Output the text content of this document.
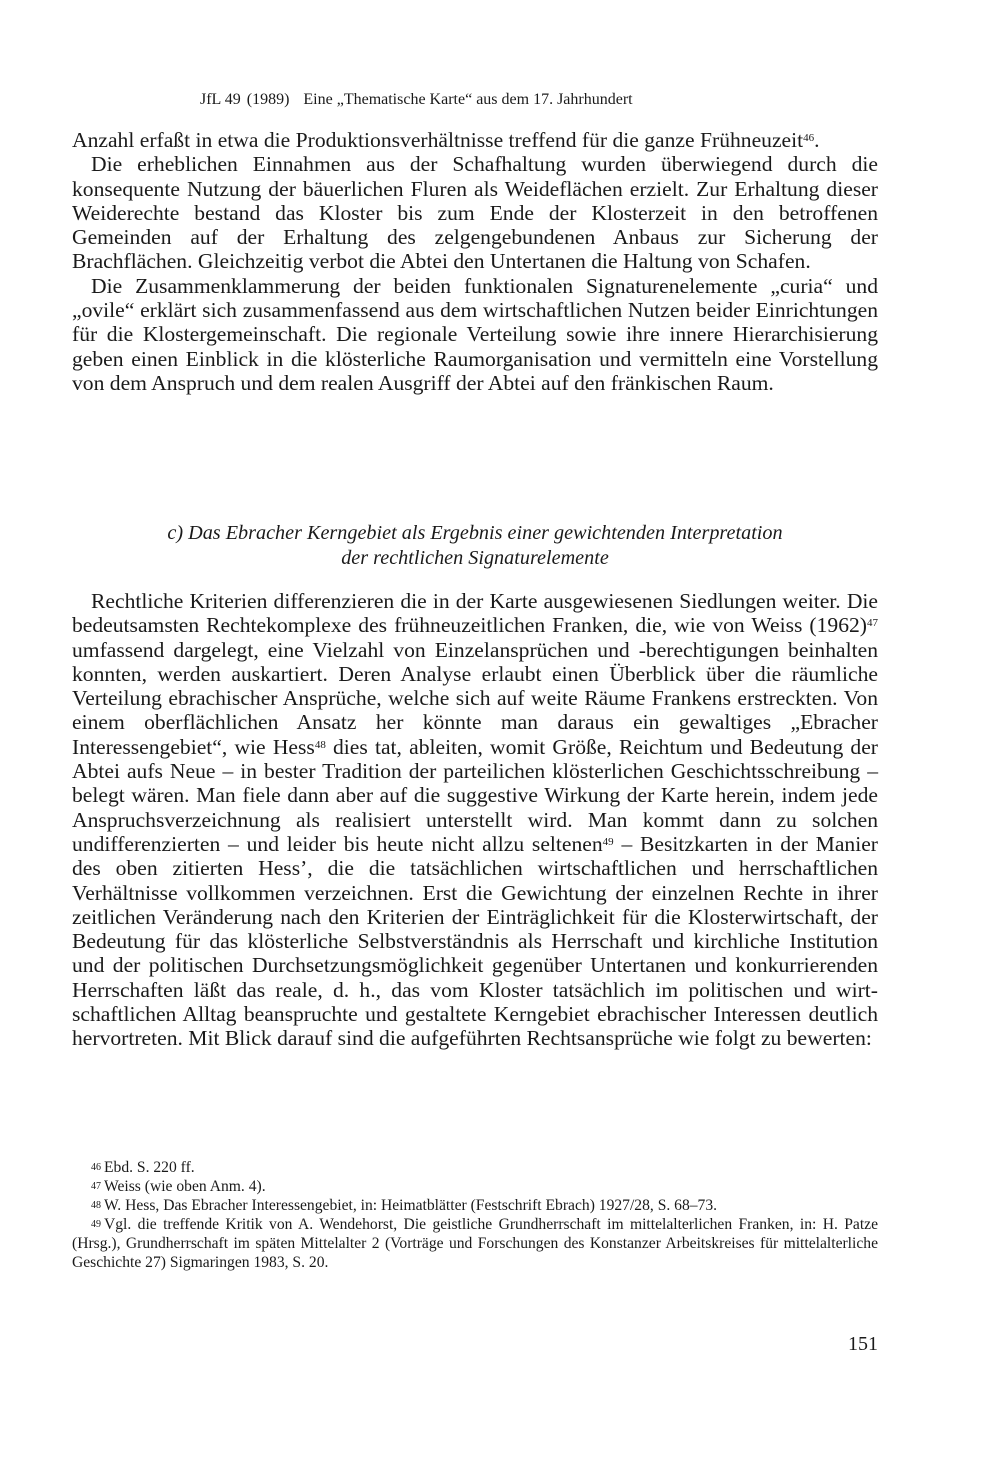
JfL 49 (1989) Eine „Thematische Karte“ aus dem 17. Jahrhundert

Anzahl erfaßt in etwa die Produktionsverhältnisse treffend für die ganze Frühneuzeit$^{46}$.

Die erheblichen Einnahmen aus der Schafhaltung wurden überwiegend durch die konsequente Nutzung der bäuerlichen Fluren als Weideflächen erzielt. Zur Erhaltung dieser Weiderechte bestand das Kloster bis zum Ende der Klosterzeit in den betroffenen Gemeinden auf der Erhaltung des zelgengebundenen Anbaus zur Sicherung der Brachflächen. Gleichzeitig verbot die Abtei den Untertanen die Haltung von Schafen.

Die Zusammenklammerung der beiden funktionalen Signaturenelemente „curia“ und „ovile“ erklärt sich zusammenfassend aus dem wirtschaftlichen Nutzen beider Einrichtungen für die Klostergemeinschaft. Die regionale Verteilung sowie ihre innere Hierarchisierung geben einen Einblick in die klösterliche Raumorganisation und vermitteln eine Vorstellung von dem Anspruch und dem realen Ausgriff der Abtei auf den fränkischen Raum.

c) Das Ebracher Kerngebiet als Ergebnis einer gewichtenden Interpretation
der rechtlichen Signaturelemente

Rechtliche Kriterien differenzieren die in der Karte ausgewiesenen Siedlungen weiter. Die bedeutsamsten Rechtekomplexe des frühneuzeitlichen Franken, die, wie von Weiss (1962)$^{47}$ umfassend dargelegt, eine Vielzahl von Einzelansprüchen und -berechtigungen beinhalten konnten, werden auskartiert. Deren Analyse erlaubt einen Überblick über die räumliche Verteilung ebrachischer Ansprüche, welche sich auf weite Räume Frankens erstreckten. Von einem oberflächlichen Ansatz her könnte man daraus ein gewaltiges „Ebracher Interessengebiet“, wie Hess$^{48}$ dies tat, ableiten, womit Größe, Reichtum und Bedeutung der Abtei aufs Neue – in bester Tradition der parteilichen klösterlichen Geschichtsschreibung – belegt wären. Man fiele dann aber auf die suggestive Wirkung der Karte herein, indem jede Anspruchsverzeichnung als realisiert unterstellt wird. Man kommt dann zu solchen undifferenzierten – und leider bis heute nicht allzu seltenen$^{49}$ – Besitzkarten in der Manier des oben zitierten Hess’, die die tatsächlichen wirtschaftlichen und herrschaftlichen Verhältnisse vollkommen verzeichnen. Erst die Gewichtung der einzelnen Rechte in ihrer zeitlichen Veränderung nach den Kriterien der Einträglichkeit für die Klosterwirtschaft, der Bedeutung für das klösterliche Selbstverständnis als Herrschaft und kirchliche Institution und der politischen Durchsetzungsmöglichkeit gegenüber Untertanen und konkurrierenden Herrschaften läßt das reale, d. h., das vom Kloster tatsächlich im politischen und wirtschaftlichen Alltag beanspruchte und gestaltete Kerngebiet ebrachischer Interessen deutlich hervortreten. Mit Blick darauf sind die aufgeführten Rechtsansprüche wie folgt zu bewerten:

$^{46}$ Ebd. S. 220 ff.

$^{47}$ Weiss (wie oben Anm. 4).

$^{48}$ W. Hess, Das Ebracher Interessengebiet, in: Heimatblätter (Festschrift Ebrach) 1927/28, S. 68–73.

$^{49}$ Vgl. die treffende Kritik von A. Wendehorst, Die geistliche Grundherrschaft im mittelalterlichen Franken, in: H. Patze (Hrsg.), Grundherrschaft im späten Mittelalter 2 (Vorträge und Forschungen des Konstanzer Arbeitskreises für mittelalterliche Geschichte 27) Sigmaringen 1983, S. 20.

151
